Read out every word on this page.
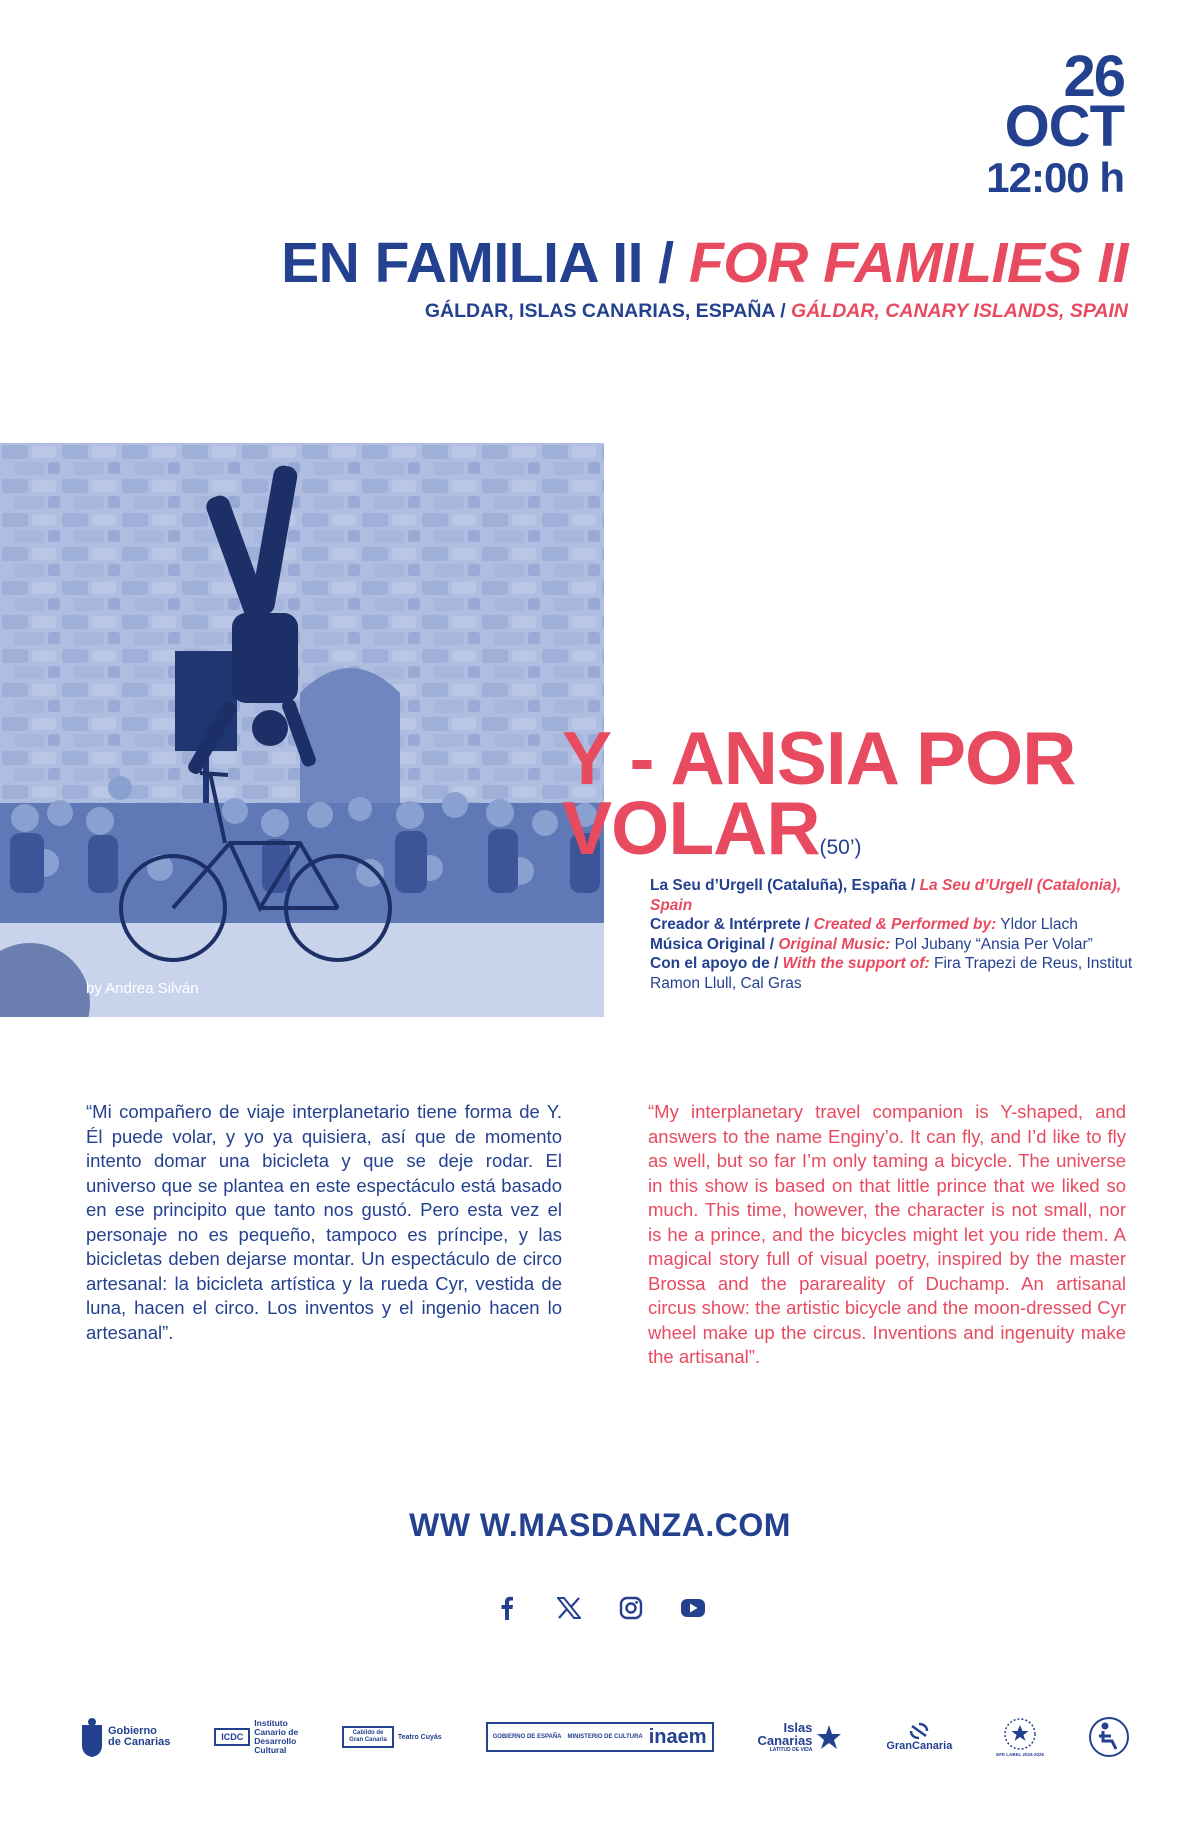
26
OCT
12:00 h
EN FAMILIA II / FOR FAMILIES II
GÁLDAR, ISLAS CANARIAS, ESPAÑA / GÁLDAR, CANARY ISLANDS, SPAIN
by Andrea Silván
Y - ANSIA POR
VOLAR(50’)
La Seu d’Urgell (Cataluña), España / La Seu d’Urgell (Catalonia), Spain
Creador & Intérprete / Created & Performed by: Yldor Llach
Música Original / Original Music: Pol Jubany “Ansia Per Volar”
Con el apoyo de / With the support of: Fira Trapezi de Reus, Institut Ramon Llull, Cal Gras

“Mi compañero de viaje interplanetario tiene forma de Y. Él puede volar, y yo ya quisiera, así que de momento intento domar una bicicleta y que se deje rodar. El universo que se plantea en este espectáculo está basado en ese principito que tanto nos gustó. Pero esta vez el personaje no es pequeño, tampoco es príncipe, y las bicicletas deben dejarse montar. Un espectáculo de circo artesanal: la bicicleta artística y la rueda Cyr, vestida de luna, hacen el circo. Los inventos y el ingenio hacen lo artesanal”.

“My interplanetary travel companion is Y-shaped, and answers to the name Enginy’o. It can fly, and I’d like to fly as well, but so far I’m only taming a bicycle. The universe in this show is based on that little prince that we liked so much. This time, however, the character is not small, nor is he a prince, and the bicycles might let you ride them. A magical story full of visual poetry, inspired by the master Brossa and the parareality of Duchamp. An artisanal circus show: the artistic bicycle and the moon-dressed Cyr wheel make up the circus. Inventions and ingenuity make the artisanal”.

WW W.MASDANZA.COM
Gobierno
de Canarias	ICDC
Instituto
Canario de
Desarrollo
Cultural
Cabildo de
Gran Canaria Teatro Cuyás	GOBIERNO DE ESPAÑA MINISTERIO DE CULTURA inaem	Islas
Canarias
LATITUD DE VIDA	GranCanaria
EFE LABEL 2024-2025
